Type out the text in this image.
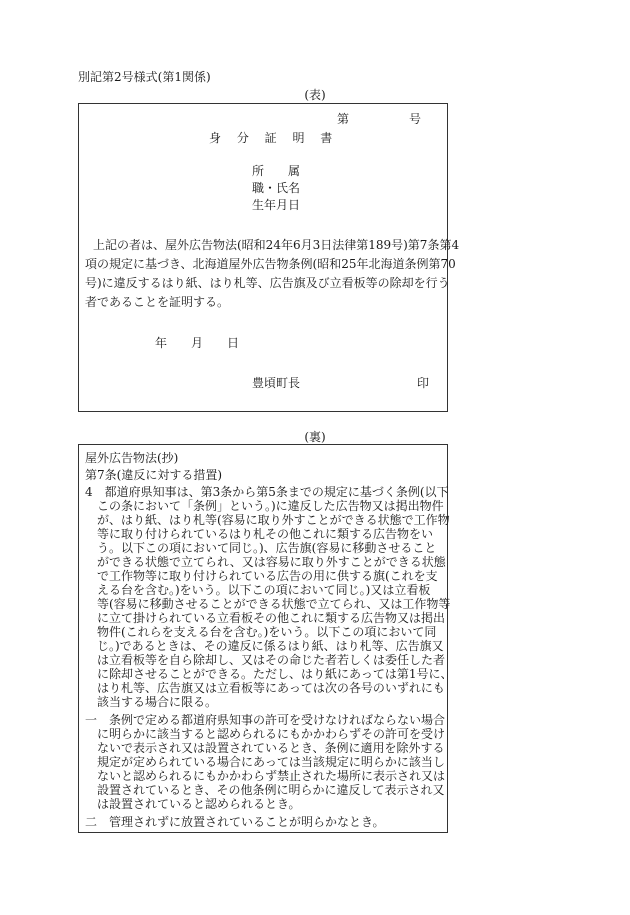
別記第2号様式(第1関係)
(表)
第	号
身 分 証 明 書
所　　属
職・氏名
生年月日
上記の者は、屋外広告物法(昭和24年6月3日法律第189号)第7条第4
項の規定に基づき、北海道屋外広告物条例(昭和25年北海道条例第70
号)に違反するはり紙、はり札等、広告旗及び立看板等の除却を行う
者であることを証明する。
年　　月　　日
豊頃町長	印
(裏)
屋外広告物法(抄)
第7条(違反に対する措置)
4　都道府県知事は、第3条から第5条までの規定に基づく条例(以下
　この条において「条例」という。)に違反した広告物又は掲出物件
　が、はり紙、はり札等(容易に取り外すことができる状態で工作物
　等に取り付けられているはり札その他これに類する広告物をい
　う。以下この項において同じ。)、広告旗(容易に移動させること
　ができる状態で立てられ、又は容易に取り外すことができる状態
　で工作物等に取り付けられている広告の用に供する旗(これを支
　える台を含む。)をいう。以下この項において同じ。)又は立看板
　等(容易に移動させることができる状態で立てられ、又は工作物等
　に立て掛けられている立看板その他これに類する広告物又は掲出
　物件(これらを支える台を含む。)をいう。以下この項において同
　じ。)であるときは、その違反に係るはり紙、はり札等、広告旗又
　は立看板等を自ら除却し、又はその命じた者若しくは委任した者
　に除却させることができる。ただし、はり紙にあっては第1号に、
　はり札等、広告旗又は立看板等にあっては次の各号のいずれにも
　該当する場合に限る。
一　条例で定める都道府県知事の許可を受けなければならない場合
　に明らかに該当すると認められるにもかかわらずその許可を受け
　ないで表示され又は設置されているとき、条例に適用を除外する
　規定が定められている場合にあっては当該規定に明らかに該当し
　ないと認められるにもかかわらず禁止された場所に表示され又は
　設置されているとき、その他条例に明らかに違反して表示され又
　は設置されていると認められるとき。
二　管理されずに放置されていることが明らかなとき。
